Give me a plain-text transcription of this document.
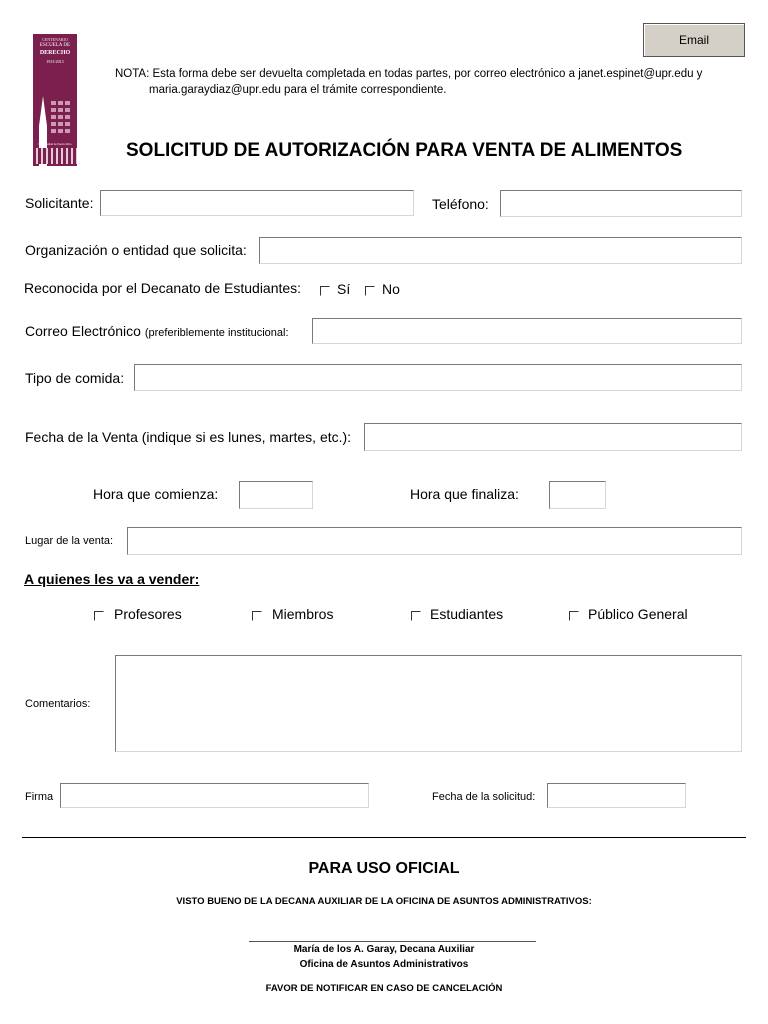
Email
CENTENARIO
ESCUELA DE
DERECHO
1913-2013
Universidad de Puerto Rico
NOTA: Esta forma debe ser devuelta completada en todas partes, por correo electrónico a janet.espinet@upr.edu y
maria.garaydiaz@upr.edu para el trámite correspondiente.
SOLICITUD DE AUTORIZACIÓN PARA VENTA DE ALIMENTOS
Solicitante:	Teléfono:
Organización o entidad que solicita:
Reconocida por el Decanato de Estudiantes:	Sí No
Correo Electrónico (preferiblemente institucional:
Tipo de comida:
Fecha de la Venta (indique si es lunes, martes, etc.):
Hora que comienza:	Hora que finaliza:
Lugar de la venta:
A quienes les va a vender:
Profesores	Miembros	Estudiantes	Público General
Comentarios:
Firma	Fecha de la solicitud:
PARA USO OFICIAL
VISTO BUENO DE LA DECANA AUXILIAR DE LA OFICINA DE ASUNTOS ADMINISTRATIVOS:
María de los A. Garay, Decana Auxiliar
Oficina de Asuntos Administrativos
FAVOR DE NOTIFICAR EN CASO DE CANCELACIÓN
